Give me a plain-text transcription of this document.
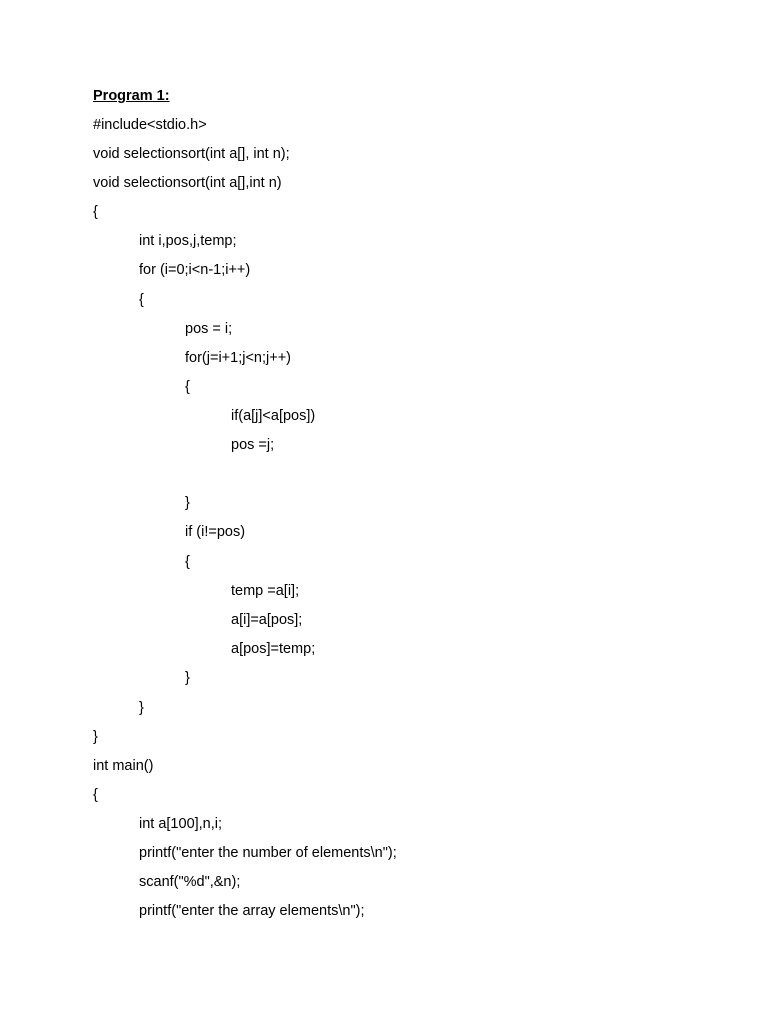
Program 1:
#include<stdio.h>
void selectionsort(int a[], int n);
void selectionsort(int a[],int n)
{
int i,pos,j,temp;
for (i=0;i<n-1;i++)
{
pos = i;
for(j=i+1;j<n;j++)
{
if(a[j]<a[pos])
pos =j;
}
if (i!=pos)
{
temp =a[i];
a[i]=a[pos];
a[pos]=temp;
}
}
}
int main()
{
int a[100],n,i;
printf("enter the number of elements\n");
scanf("%d",&n);
printf("enter the array elements\n");
